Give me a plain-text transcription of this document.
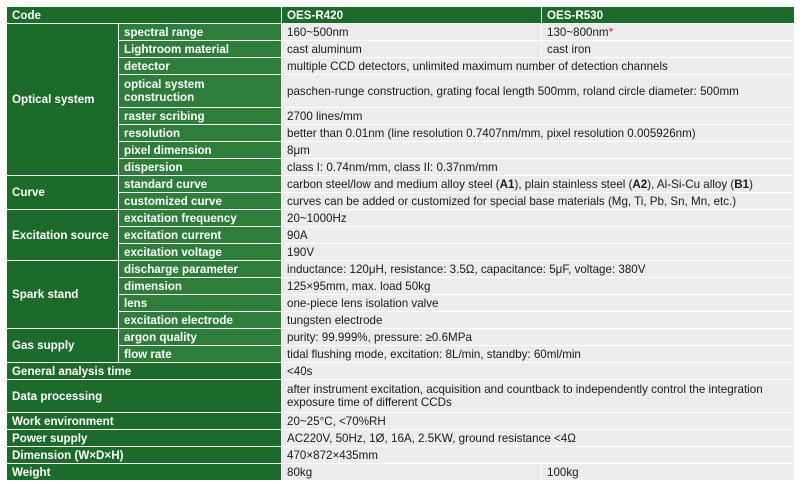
Code		OES-R420	OES-R530
Optical system	spectral range	160~500nm	130~800nm*
	Lightroom material	cast aluminum	cast iron
	detector	multiple CCD detectors, unlimited maximum number of detection channels	
	optical system construction	paschen-runge construction, grating focal length 500mm, roland circle diameter: 500mm	
	raster scribing	2700 lines/mm	
	resolution	better than 0.01nm (line resolution 0.7407nm/mm, pixel resolution 0.005926nm)	
	pixel dimension	8μm	
	dispersion	class I: 0.74nm/mm, class II: 0.37nm/mm	
Curve	standard curve	carbon steel/low and medium alloy steel (A1), plain stainless steel (A2), Al-Si-Cu alloy (B1)	
	customized curve	curves can be added or customized for special base materials (Mg, Ti, Pb, Sn, Mn, etc.)	
Excitation source	excitation frequency	20~1000Hz	
	excitation current	90A	
	excitation voltage	190V	
Spark stand	discharge parameter	inductance: 120μH, resistance: 3.5Ω, capacitance: 5μF, voltage: 380V	
	dimension	125×95mm, max. load 50kg	
	lens	one-piece lens isolation valve	
	excitation electrode	tungsten electrode	
Gas supply	argon quality	purity: 99.999%, pressure: ≥0.6MPa	
	flow rate	tidal flushing mode, excitation: 8L/min, standby: 60ml/min	
General analysis time		<40s	
Data processing		after instrument excitation, acquisition and countback to independently control the integration exposure time of different CCDs	
Work environment		20~25°C, <70%RH	
Power supply		AC220V, 50Hz, 1Ø, 16A, 2.5KW, ground resistance <4Ω	
Dimension (W×D×H)		470×872×435mm	
Weight		80kg	100kg
